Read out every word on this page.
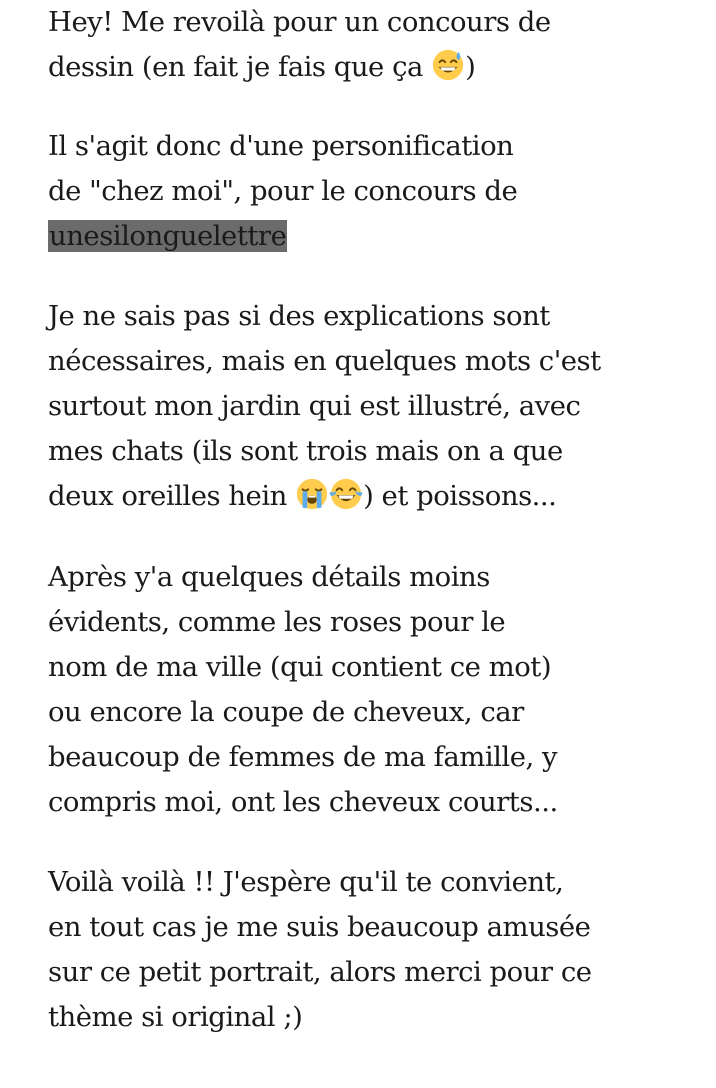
Hey! Me revoilà pour un concours de
dessin (en fait je fais que ça )
Il s'agit donc d'une personification
de "chez moi", pour le concours de
unesilonguelettre
Je ne sais pas si des explications sont
nécessaires, mais en quelques mots c'est
surtout mon jardin qui est illustré, avec
mes chats (ils sont trois mais on a que
deux oreilles hein ) et poissons...
Après y'a quelques détails moins
évidents, comme les roses pour le
nom de ma ville (qui contient ce mot)
ou encore la coupe de cheveux, car
beaucoup de femmes de ma famille, y
compris moi, ont les cheveux courts...
Voilà voilà !! J'espère qu'il te convient,
en tout cas je me suis beaucoup amusée
sur ce petit portrait, alors merci pour ce
thème si original ;)
